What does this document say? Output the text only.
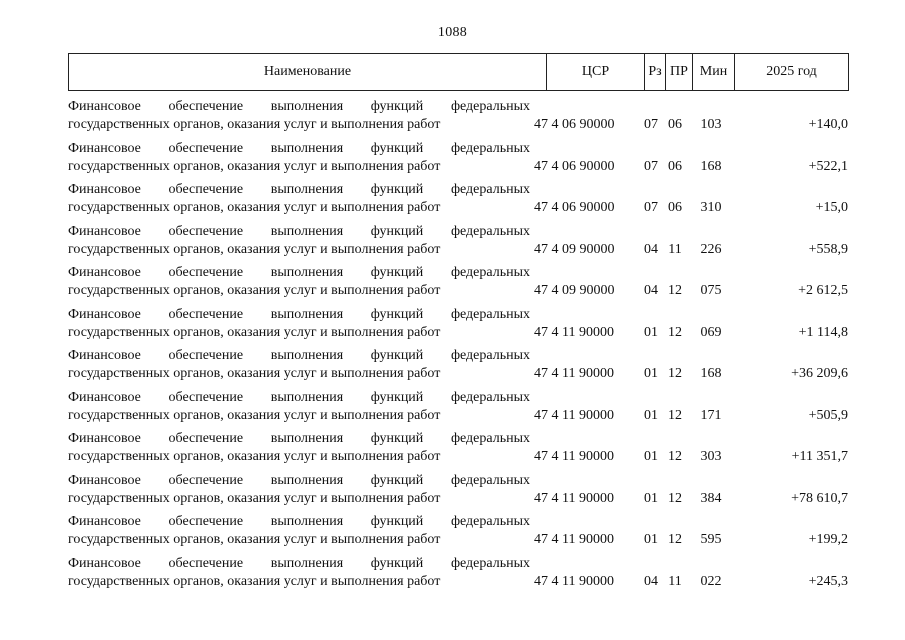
1088
Наименование	ЦСР	Рз ПР Мин	2025 год
Финансовое обеспечение выполнения функций федеральных
государственных органов, оказания услуг и выполнения работ	47 4 06 90000	07 06	103	+140,0
Финансовое обеспечение выполнения функций федеральных
государственных органов, оказания услуг и выполнения работ	47 4 06 90000	07 06	168	+522,1
Финансовое обеспечение выполнения функций федеральных
государственных органов, оказания услуг и выполнения работ	47 4 06 90000	07 06	310	+15,0
Финансовое обеспечение выполнения функций федеральных
государственных органов, оказания услуг и выполнения работ	47 4 09 90000	04 11	226	+558,9
Финансовое обеспечение выполнения функций федеральных
государственных органов, оказания услуг и выполнения работ	47 4 09 90000	04 12	075	+2 612,5
Финансовое обеспечение выполнения функций федеральных
государственных органов, оказания услуг и выполнения работ	47 4 11 90000	01 12	069	+1 114,8
Финансовое обеспечение выполнения функций федеральных
государственных органов, оказания услуг и выполнения работ	47 4 11 90000	01 12	168	+36 209,6
Финансовое обеспечение выполнения функций федеральных
государственных органов, оказания услуг и выполнения работ	47 4 11 90000	01 12	171	+505,9
Финансовое обеспечение выполнения функций федеральных
государственных органов, оказания услуг и выполнения работ	47 4 11 90000	01 12	303	+11 351,7
Финансовое обеспечение выполнения функций федеральных
государственных органов, оказания услуг и выполнения работ	47 4 11 90000	01 12	384	+78 610,7
Финансовое обеспечение выполнения функций федеральных
государственных органов, оказания услуг и выполнения работ	47 4 11 90000	01 12	595	+199,2
Финансовое обеспечение выполнения функций федеральных
государственных органов, оказания услуг и выполнения работ	47 4 11 90000	04 11	022	+245,3
